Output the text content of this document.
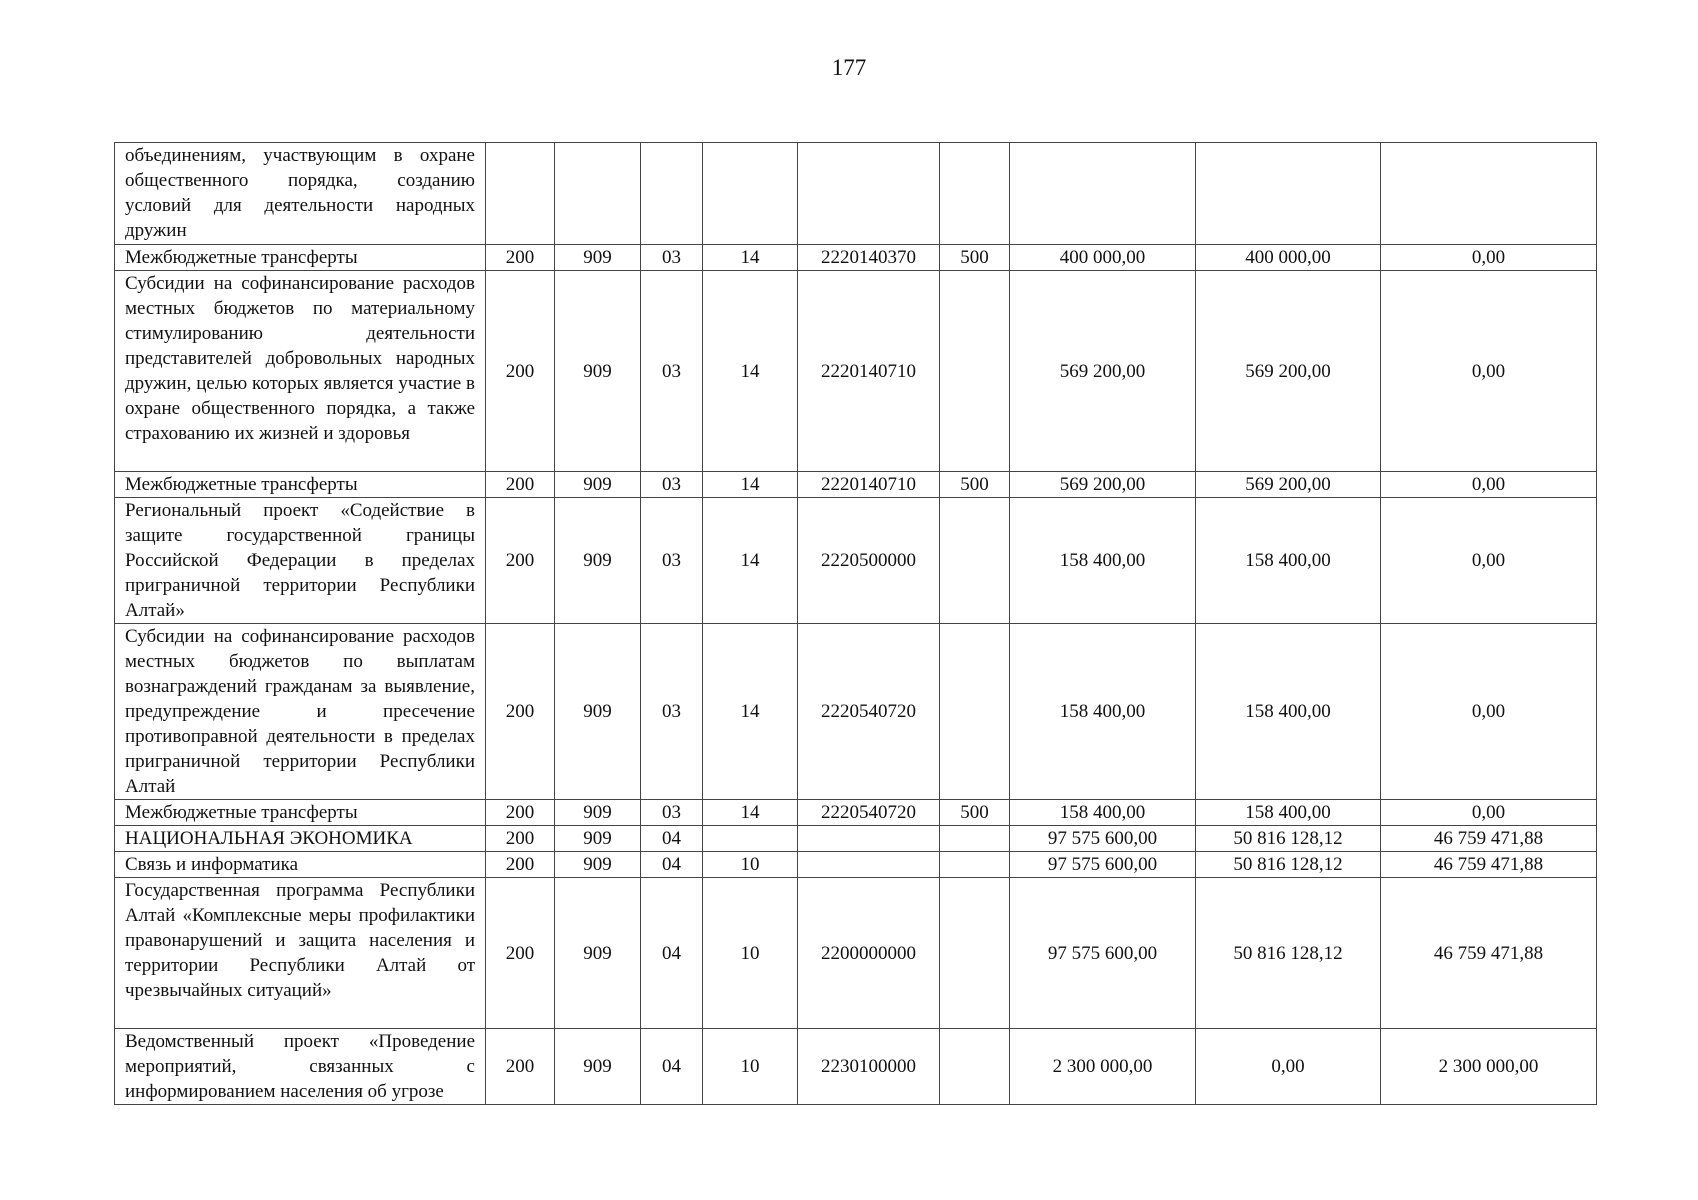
177
объединениям, участвующим в охране общественного порядка, созданию условий для деятельности народных дружин									
Межбюджетные трансферты	200	909	03	14	2220140370	500	400 000,00	400 000,00	0,00
Субсидии на софинансирование расходов местных бюджетов по материальному стимулированию деятельности представителей добровольных народных дружин, целью которых является участие в охране общественного порядка, а также страхованию их жизней и здоровья	200	909	03	14	2220140710		569 200,00	569 200,00	0,00
Межбюджетные трансферты	200	909	03	14	2220140710	500	569 200,00	569 200,00	0,00
Региональный проект «Содействие в защите государственной границы Российской Федерации в пределах приграничной территории Республики Алтай»	200	909	03	14	2220500000		158 400,00	158 400,00	0,00
Субсидии на софинансирование расходов местных бюджетов по выплатам вознаграждений гражданам за выявление, предупреждение и пресечение противоправной деятельности в пределах приграничной территории Республики Алтай	200	909	03	14	2220540720		158 400,00	158 400,00	0,00
Межбюджетные трансферты	200	909	03	14	2220540720	500	158 400,00	158 400,00	0,00
НАЦИОНАЛЬНАЯ ЭКОНОМИКА	200	909	04				97 575 600,00	50 816 128,12	46 759 471,88
Связь и информатика	200	909	04	10			97 575 600,00	50 816 128,12	46 759 471,88
Государственная программа Республики Алтай «Комплексные меры профилактики правонарушений и защита населения и территории Республики Алтай от чрезвычайных ситуаций»	200	909	04	10	2200000000		97 575 600,00	50 816 128,12	46 759 471,88
Ведомственный проект «Проведение мероприятий, связанных с информированием населения об угрозе	200	909	04	10	2230100000		2 300 000,00	0,00	2 300 000,00
